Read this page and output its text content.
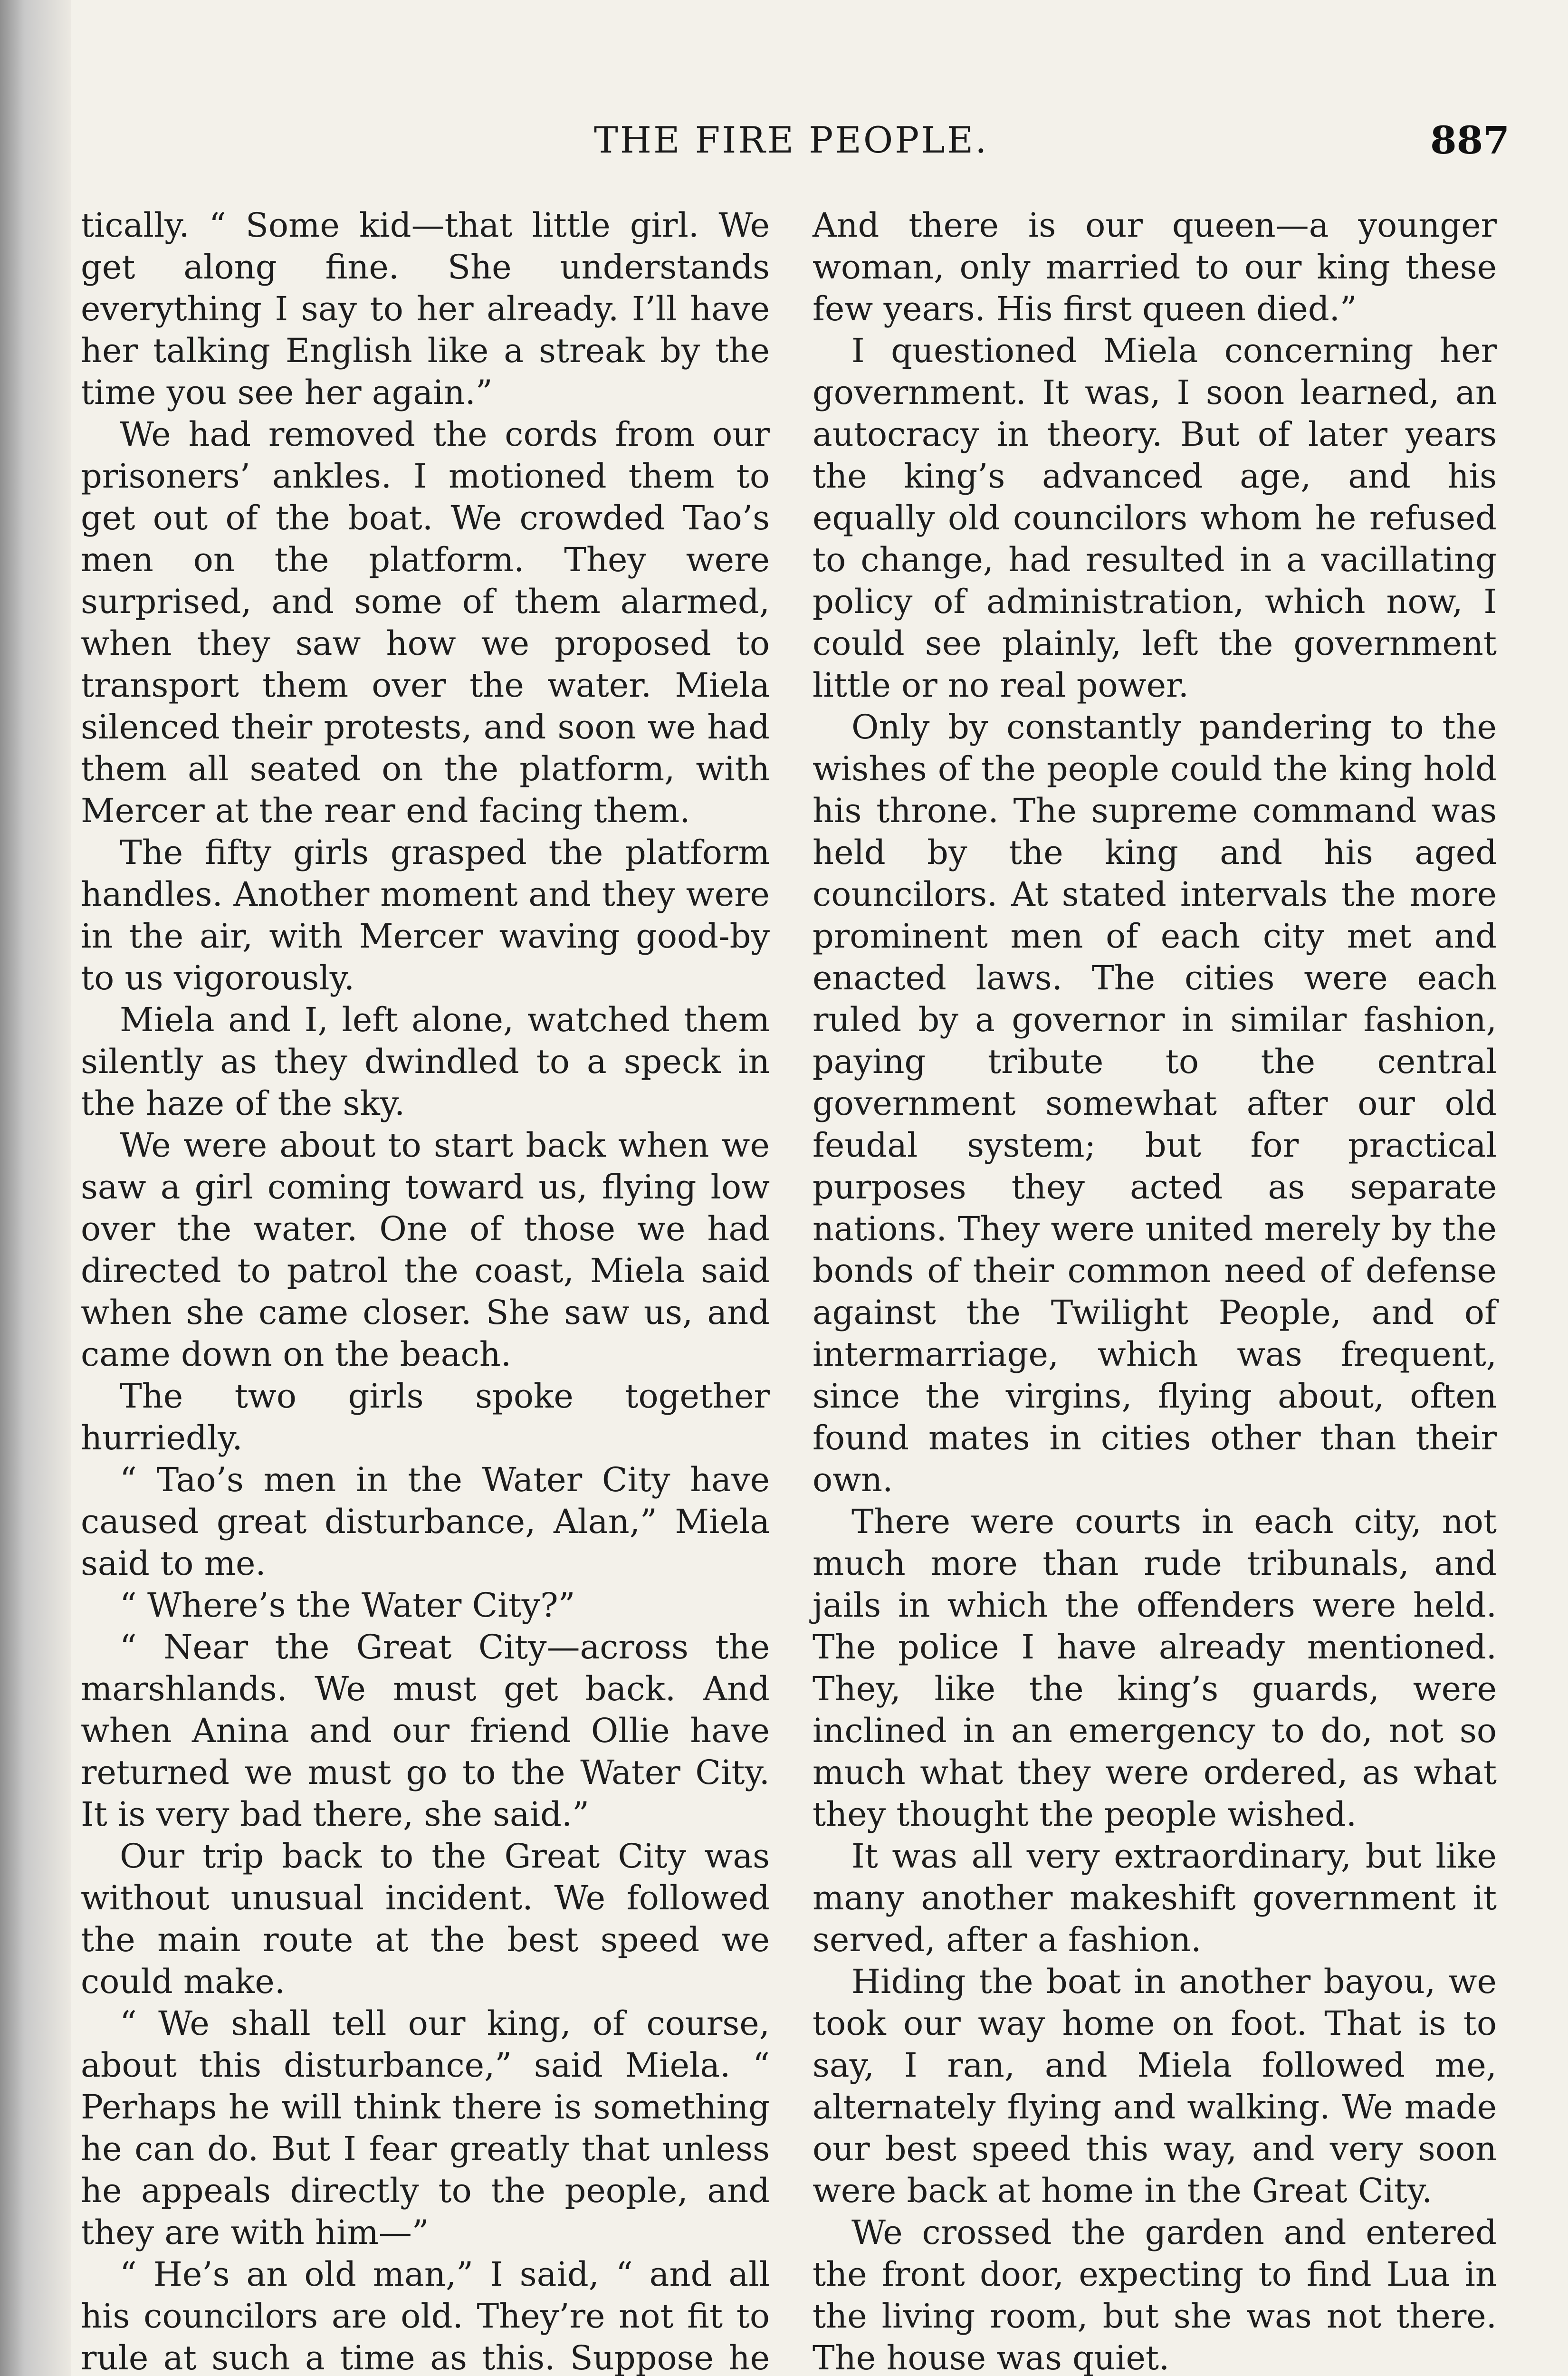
THE FIRE PEOPLE.	887

tically. “ Some kid—that little girl. We get along fine. She understands everything I say to her already. I’ll have her talking English like a streak by the time you see her again.”

We had removed the cords from our prisoners’ ankles. I motioned them to get out of the boat. We crowded Tao’s men on the platform. They were surprised, and some of them alarmed, when they saw how we proposed to transport them over the water. Miela silenced their protests, and soon we had them all seated on the platform, with Mercer at the rear end facing them.

The fifty girls grasped the platform handles. Another moment and they were in the air, with Mercer waving good-by to us vigorously.

Miela and I, left alone, watched them silently as they dwindled to a speck in the haze of the sky.

We were about to start back when we saw a girl coming toward us, flying low over the water. One of those we had directed to patrol the coast, Miela said when she came closer. She saw us, and came down on the beach.

The two girls spoke together hurriedly.

“ Tao’s men in the Water City have caused great disturbance, Alan,” Miela said to me.

“ Where’s the Water City?”

“ Near the Great City—across the marshlands. We must get back. And when Anina and our friend Ollie have returned we must go to the Water City. It is very bad there, she said.”

Our trip back to the Great City was without unusual incident. We followed the main route at the best speed we could make.

“ We shall tell our king, of course, about this disturbance,” said Miela. “ Perhaps he will think there is something he can do. But I fear greatly that unless he appeals directly to the people, and they are with him—”

“ He’s an old man,” I said, “ and all his councilors are old. They’re not fit to rule at such a time as this. Suppose he

And there is our queen—a younger woman, only married to our king these few years. His first queen died.”

I questioned Miela concerning her government. It was, I soon learned, an autocracy in theory. But of later years the king’s advanced age, and his equally old councilors whom he refused to change, had resulted in a vacillating policy of administration, which now, I could see plainly, left the government little or no real power.

Only by constantly pandering to the wishes of the people could the king hold his throne. The supreme command was held by the king and his aged councilors. At stated intervals the more prominent men of each city met and enacted laws. The cities were each ruled by a governor in similar fashion, paying tribute to the central government somewhat after our old feudal system; but for practical purposes they acted as separate nations. They were united merely by the bonds of their common need of defense against the Twilight People, and of intermarriage, which was frequent, since the virgins, flying about, often found mates in cities other than their own.

There were courts in each city, not much more than rude tribunals, and jails in which the offenders were held. The police I have already mentioned. They, like the king’s guards, were inclined in an emergency to do, not so much what they were ordered, as what they thought the people wished.

It was all very extraordinary, but like many another makeshift government it served, after a fashion.

Hiding the boat in another bayou, we took our way home on foot. That is to say, I ran, and Miela followed me, alternately flying and walking. We made our best speed this way, and very soon were back at home in the Great City.

We crossed the garden and entered the front door, expecting to find Lua in the living room, but she was not there. The house was quiet.
